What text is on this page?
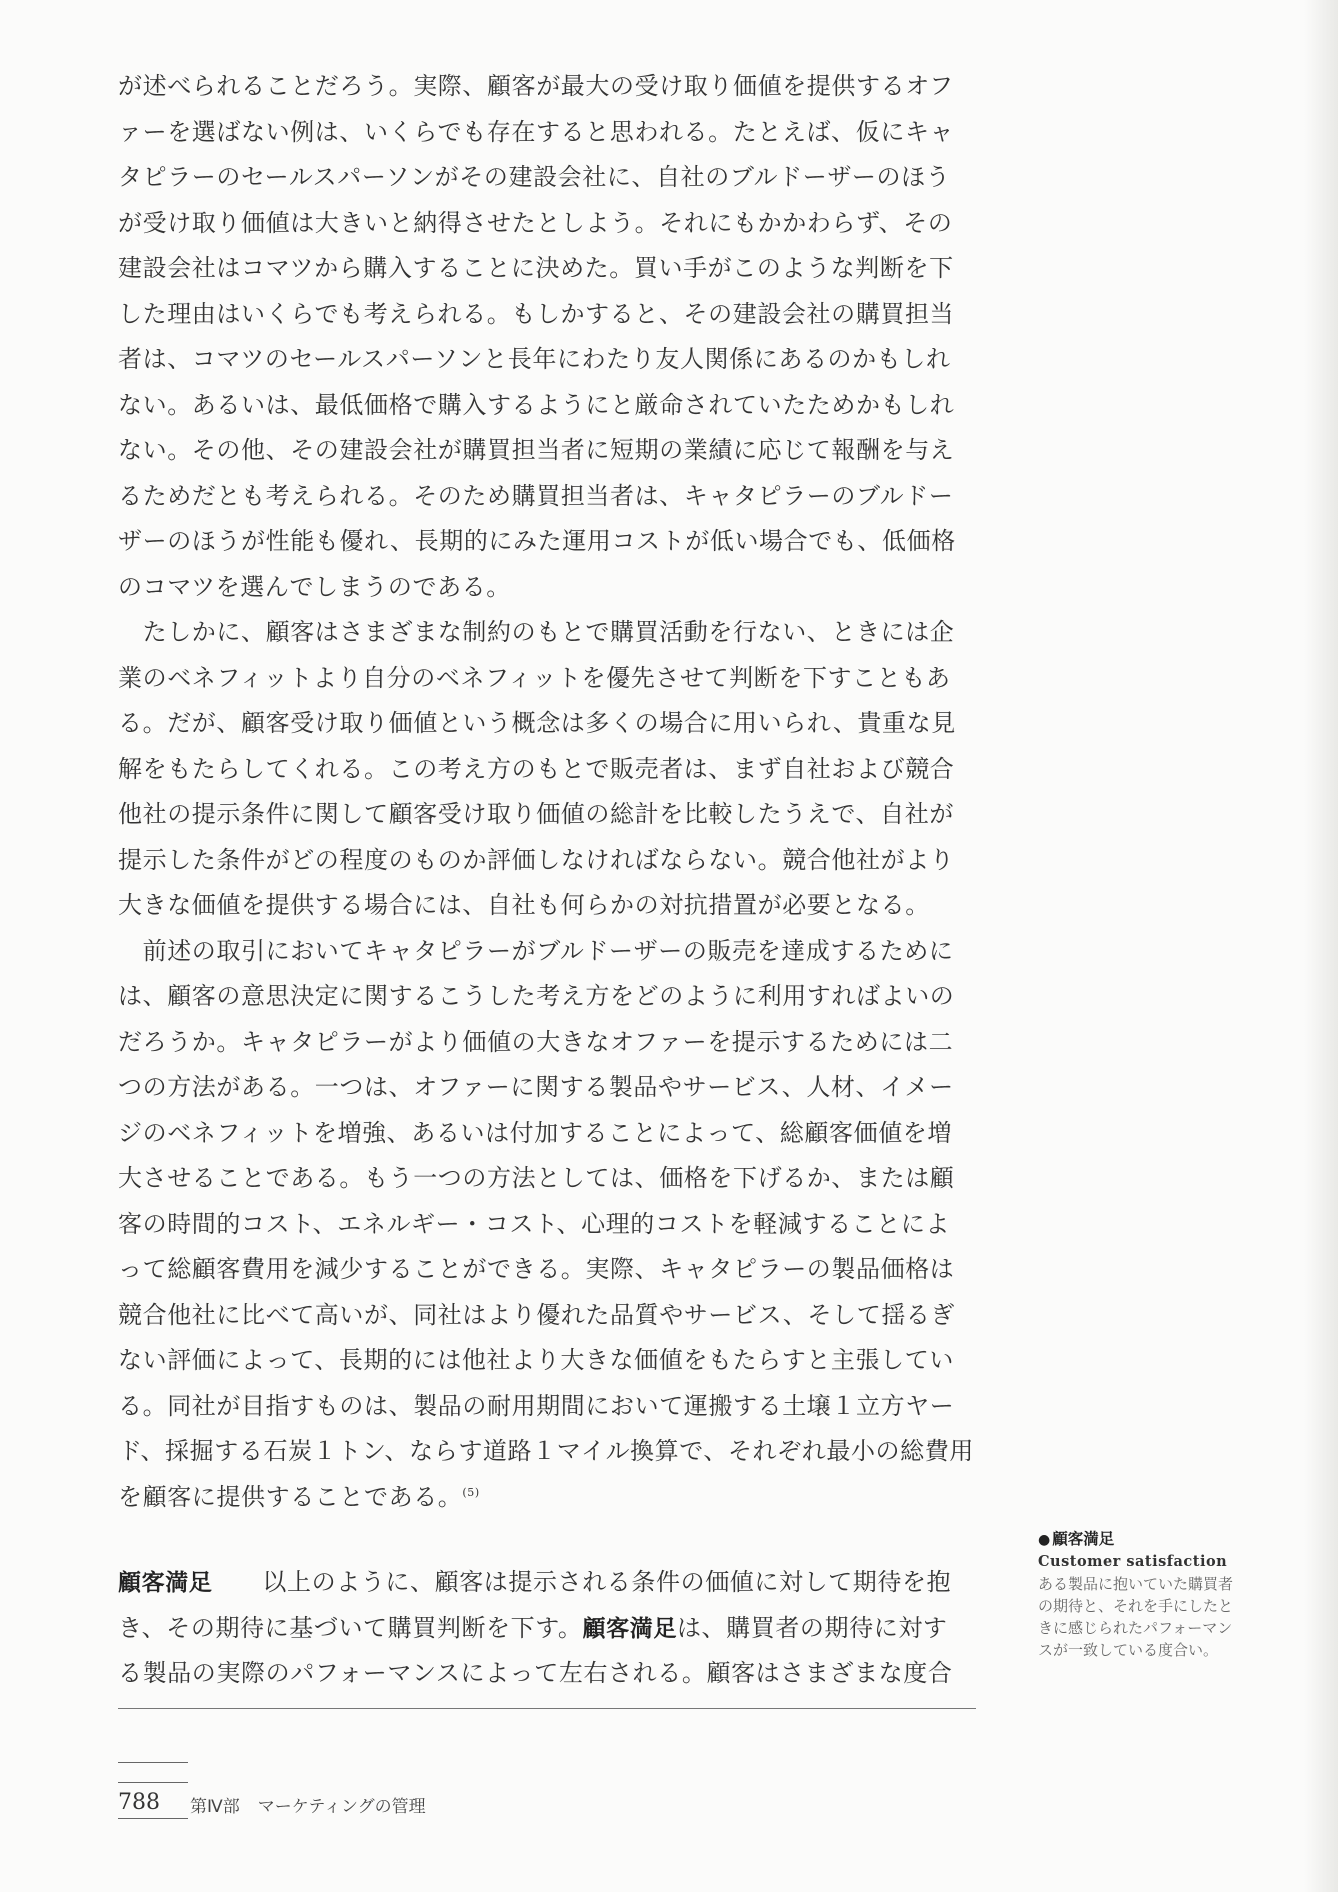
が述べられることだろう。実際、顧客が最大の受け取り価値を提供するオフ
ァーを選ばない例は、いくらでも存在すると思われる。たとえば、仮にキャ
タピラーのセールスパーソンがその建設会社に、自社のブルドーザーのほう
が受け取り価値は大きいと納得させたとしよう。それにもかかわらず、その
建設会社はコマツから購入することに決めた。買い手がこのような判断を下
した理由はいくらでも考えられる。もしかすると、その建設会社の購買担当
者は、コマツのセールスパーソンと長年にわたり友人関係にあるのかもしれ
ない。あるいは、最低価格で購入するようにと厳命されていたためかもしれ
ない。その他、その建設会社が購買担当者に短期の業績に応じて報酬を与え
るためだとも考えられる。そのため購買担当者は、キャタピラーのブルドー
ザーのほうが性能も優れ、長期的にみた運用コストが低い場合でも、低価格
のコマツを選んでしまうのである。
　たしかに、顧客はさまざまな制約のもとで購買活動を行ない、ときには企
業のベネフィットより自分のベネフィットを優先させて判断を下すこともあ
る。だが、顧客受け取り価値という概念は多くの場合に用いられ、貴重な見
解をもたらしてくれる。この考え方のもとで販売者は、まず自社および競合
他社の提示条件に関して顧客受け取り価値の総計を比較したうえで、自社が
提示した条件がどの程度のものか評価しなければならない。競合他社がより
大きな価値を提供する場合には、自社も何らかの対抗措置が必要となる。
　前述の取引においてキャタピラーがブルドーザーの販売を達成するために
は、顧客の意思決定に関するこうした考え方をどのように利用すればよいの
だろうか。キャタピラーがより価値の大きなオファーを提示するためには二
つの方法がある。一つは、オファーに関する製品やサービス、人材、イメー
ジのベネフィットを増強、あるいは付加することによって、総顧客価値を増
大させることである。もう一つの方法としては、価格を下げるか、または顧
客の時間的コスト、エネルギー・コスト、心理的コストを軽減することによ
って総顧客費用を減少することができる。実際、キャタピラーの製品価格は
競合他社に比べて高いが、同社はより優れた品質やサービス、そして揺るぎ
ない評価によって、長期的には他社より大きな価値をもたらすと主張してい
る。同社が目指すものは、製品の耐用期間において運搬する土壌１立方ヤー
ド、採掘する石炭１トン、ならす道路１マイル換算で、それぞれ最小の総費用
を顧客に提供することである。$^{(5)}$
顧客満足 以上のように、顧客は提示される条件の価値に対して期待を抱
き、その期待に基づいて購買判断を下す。顧客満足は、購買者の期待に対す
る製品の実際のパフォーマンスによって左右される。顧客はさまざまな度合
● 顧客満足
Customer satisfaction
ある製品に抱いていた購買者
の期待と、それを手にしたと
きに感じられたパフォーマン
スが一致している度合い。
788 第Ⅳ部 マーケティングの管理
